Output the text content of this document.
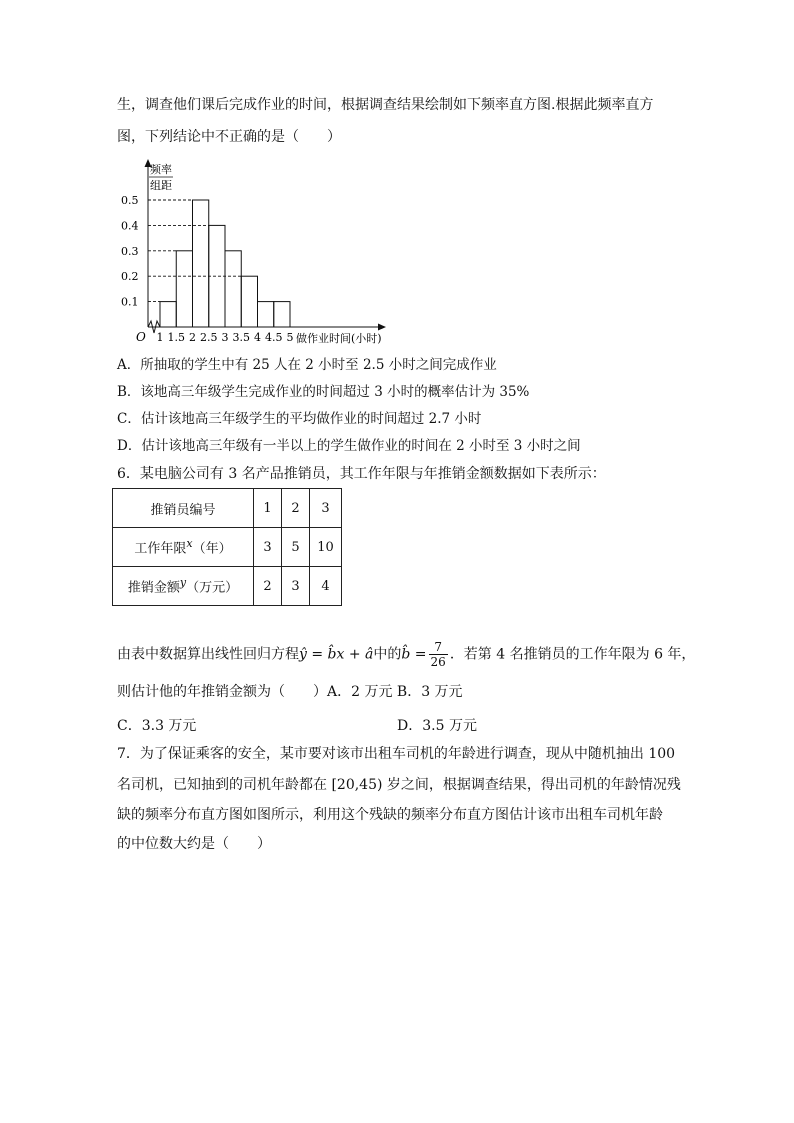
生，调查他们课后完成作业的时间，根据调查结果绘制如下频率直方图.根据此频率直方
图，下列结论中不正确的是（　　）
O
频率
组距
0.1
0.2
0.3
0.4
0.5
1 1.5 2 2.5 3 3.5 4 4.5 5 做作业时间(小时)
A．所抽取的学生中有 25 人在 2 小时至 2.5 小时之间完成作业
B．该地高三年级学生完成作业的时间超过 3 小时的概率估计为 35%
C．估计该地高三年级学生的平均做作业的时间超过 2.7 小时
D．估计该地高三年级有一半以上的学生做作业的时间在 2 小时至 3 小时之间
6．某电脑公司有 3 名产品推销员，其工作年限与年推销金额数据如下表所示：
推销员编号	1	2	3
工作年限$^x$（年）	3	5	10
推销金额$^y$（万元）	2	3	4
由表中数据算出线性回归方程ŷ = b̂x + â中的b̂ = $\frac{7}{26}$ ．若第 4 名推销员的工作年限为 6 年，
则估计他的年推销金额为（　　）A．2 万元 B．3 万元
C．3.3 万元	D．3.5 万元
7．为了保证乘客的安全，某市要对该市出租车司机的年龄进行调查，现从中随机抽出 100
名司机，已知抽到的司机年龄都在 [20,45) 岁之间，根据调查结果，得出司机的年龄情况残
缺的频率分布直方图如图所示，利用这个残缺的频率分布直方图估计该市出租车司机年龄
的中位数大约是（　　）
